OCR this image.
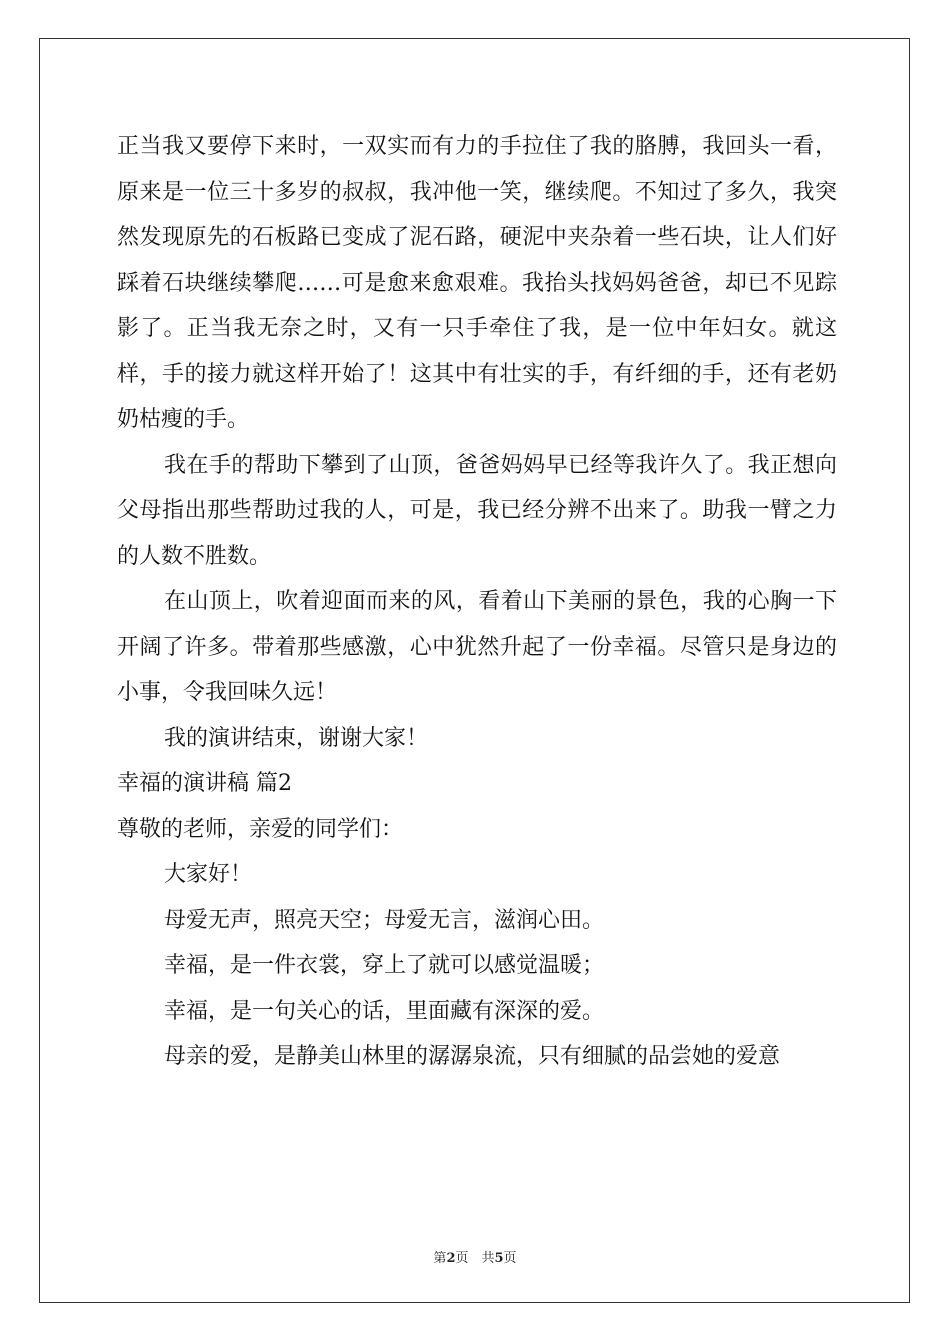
正当我又要停下来时，一双实而有力的手拉住了我的胳膊，我回头一看，原来是一位三十多岁的叔叔，我冲他一笑，继续爬。不知过了多久，我突然发现原先的石板路已变成了泥石路，硬泥中夹杂着一些石块，让人们好踩着石块继续攀爬……可是愈来愈艰难。我抬头找妈妈爸爸，却已不见踪影了。正当我无奈之时，又有一只手牵住了我，是一位中年妇女。就这样，手的接力就这样开始了！这其中有壮实的手，有纤细的手，还有老奶奶枯瘦的手。

我在手的帮助下攀到了山顶，爸爸妈妈早已经等我许久了。我正想向父母指出那些帮助过我的人，可是，我已经分辨不出来了。助我一臂之力的人数不胜数。

在山顶上，吹着迎面而来的风，看着山下美丽的景色，我的心胸一下开阔了许多。带着那些感激，心中犹然升起了一份幸福。尽管只是身边的小事，令我回味久远！

我的演讲结束，谢谢大家！

幸福的演讲稿 篇2

尊敬的老师，亲爱的同学们：

大家好！

母爱无声，照亮天空；母爱无言，滋润心田。

幸福，是一件衣裳，穿上了就可以感觉温暖；

幸福，是一句关心的话，里面藏有深深的爱。

母亲的爱，是静美山林里的潺潺泉流，只有细腻的品尝她的爱意

第2页　共5页
